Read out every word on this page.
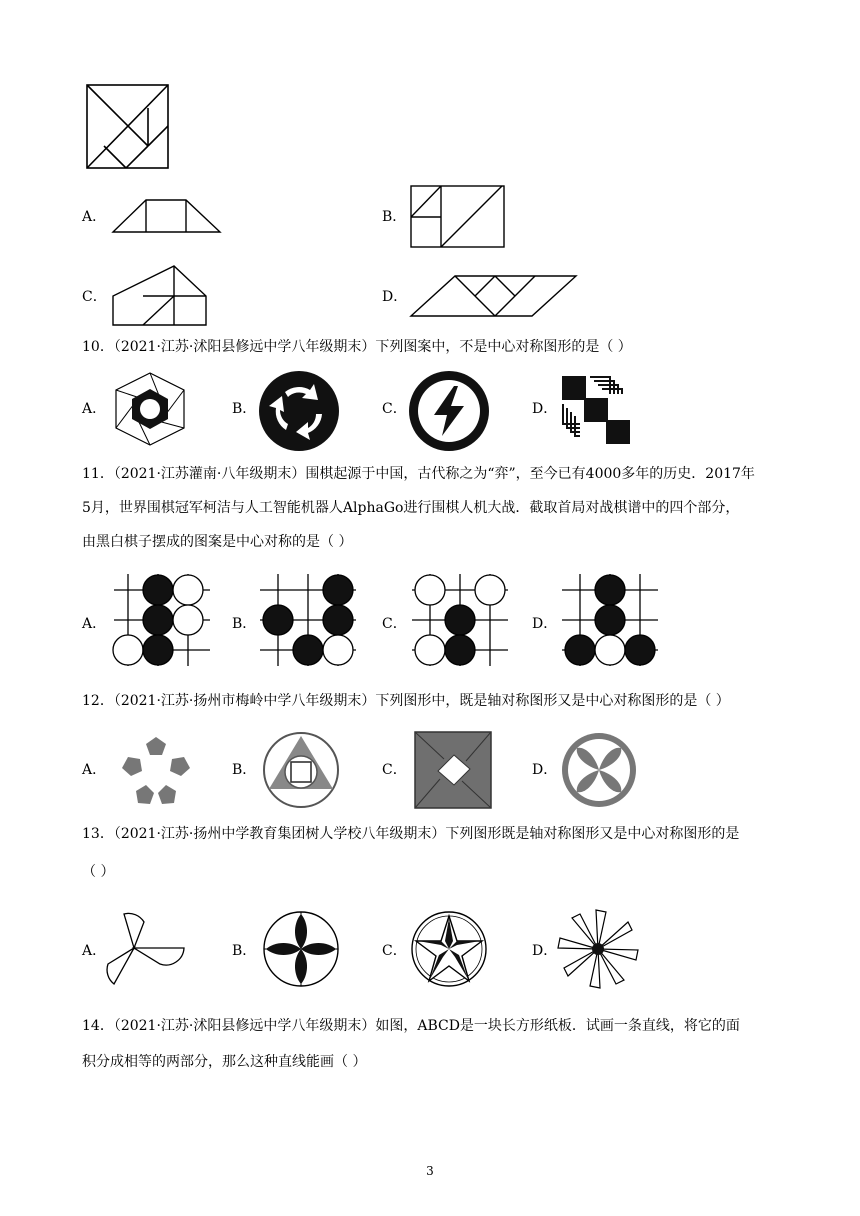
A．	B．
C．	D．

10．（2021·江苏·沭阳县修远中学八年级期末）下列图案中，不是中心对称图形的是（ ）

A．	B．	C．	D．

11．（2021·江苏灌南·八年级期末）围棋起源于中国，古代称之为“弈”，至今已有4000多年的历史．2017年

5月，世界围棋冠军柯洁与人工智能机器人AlphaGo进行围棋人机大战．截取首局对战棋谱中的四个部分，

由黑白棋子摆成的图案是中心对称的是（ ）

A．	B．	C．	D．

12．（2021·江苏·扬州市梅岭中学八年级期末）下列图形中，既是轴对称图形又是中心对称图形的是（ ）

A．	B．	C．	D．

13．（2021·江苏·扬州中学教育集团树人学校八年级期末）下列图形既是轴对称图形又是中心对称图形的是

（ ）

A．	B．	C．	D．

14．（2021·江苏·沭阳县修远中学八年级期末）如图，ABCD是一块长方形纸板．试画一条直线，将它的面

积分成相等的两部分，那么这种直线能画（ ）

3
